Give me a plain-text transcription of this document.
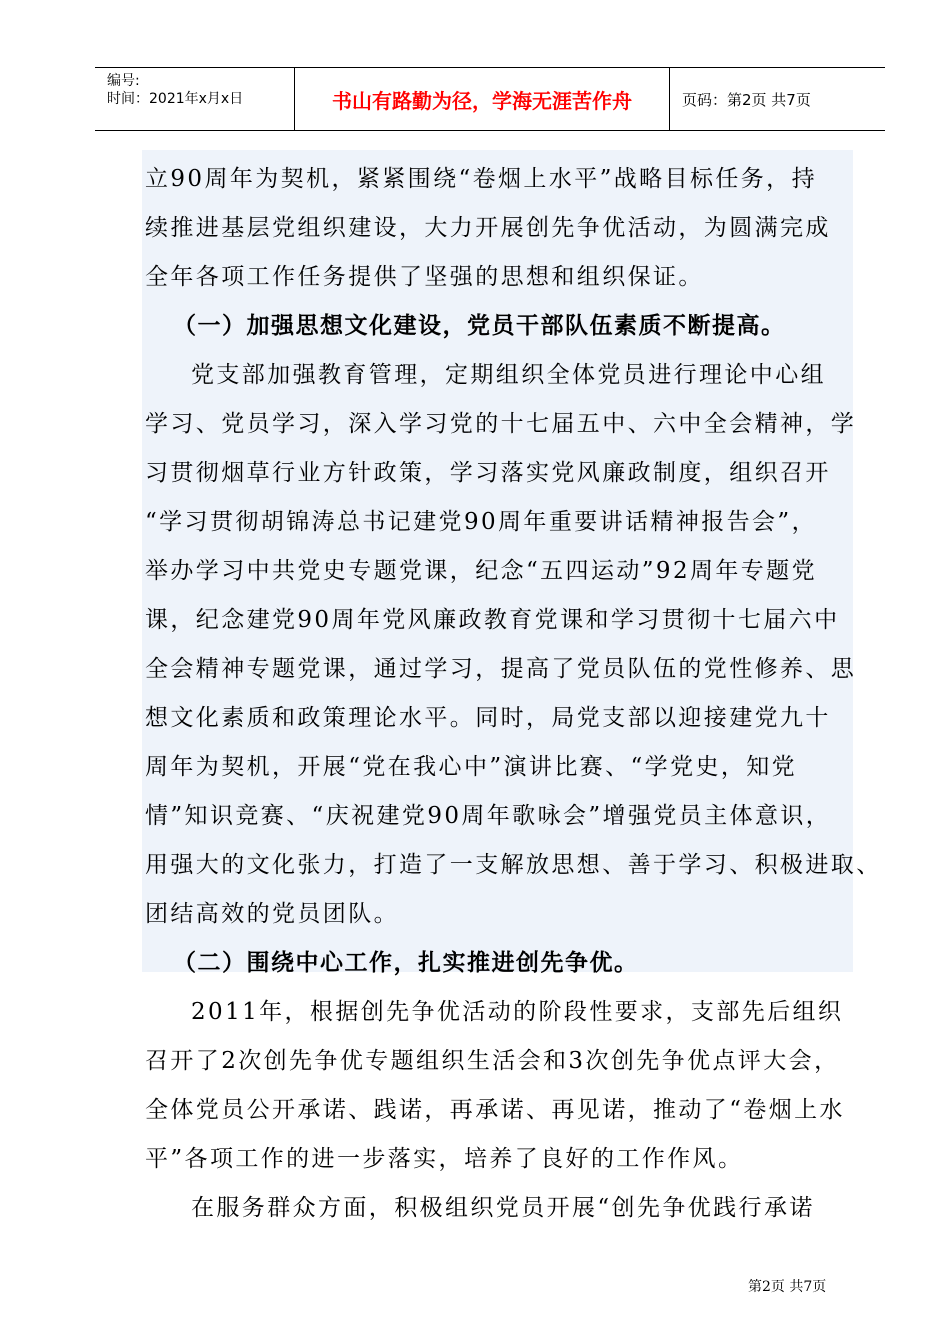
编号:
时间：2021年x月x日	书山有路勤为径，学海无涯苦作舟	页码：第2页 共7页
立90周年为契机，紧紧围绕“卷烟上水平”战略目标任务，持
续推进基层党组织建设，大力开展创先争优活动，为圆满完成
全年各项工作任务提供了坚强的思想和组织保证。
（一）加强思想文化建设，党员干部队伍素质不断提高。
党支部加强教育管理，定期组织全体党员进行理论中心组
学习、党员学习，深入学习党的十七届五中、六中全会精神，学
习贯彻烟草行业方针政策，学习落实党风廉政制度，组织召开
“学习贯彻胡锦涛总书记建党90周年重要讲话精神报告会”，
举办学习中共党史专题党课，纪念“五四运动”92周年专题党
课，纪念建党90周年党风廉政教育党课和学习贯彻十七届六中
全会精神专题党课，通过学习，提高了党员队伍的党性修养、思
想文化素质和政策理论水平。同时，局党支部以迎接建党九十
周年为契机，开展“党在我心中”演讲比赛、“学党史，知党
情”知识竞赛、“庆祝建党90周年歌咏会”增强党员主体意识，
用强大的文化张力，打造了一支解放思想、善于学习、积极进取、
团结高效的党员团队。
（二）围绕中心工作，扎实推进创先争优。
2011年，根据创先争优活动的阶段性要求，支部先后组织
召开了2次创先争优专题组织生活会和3次创先争优点评大会，
全体党员公开承诺、践诺，再承诺、再见诺，推动了“卷烟上水
平”各项工作的进一步落实，培养了良好的工作作风。
在服务群众方面，积极组织党员开展“创先争优践行承诺
第2页 共7页
